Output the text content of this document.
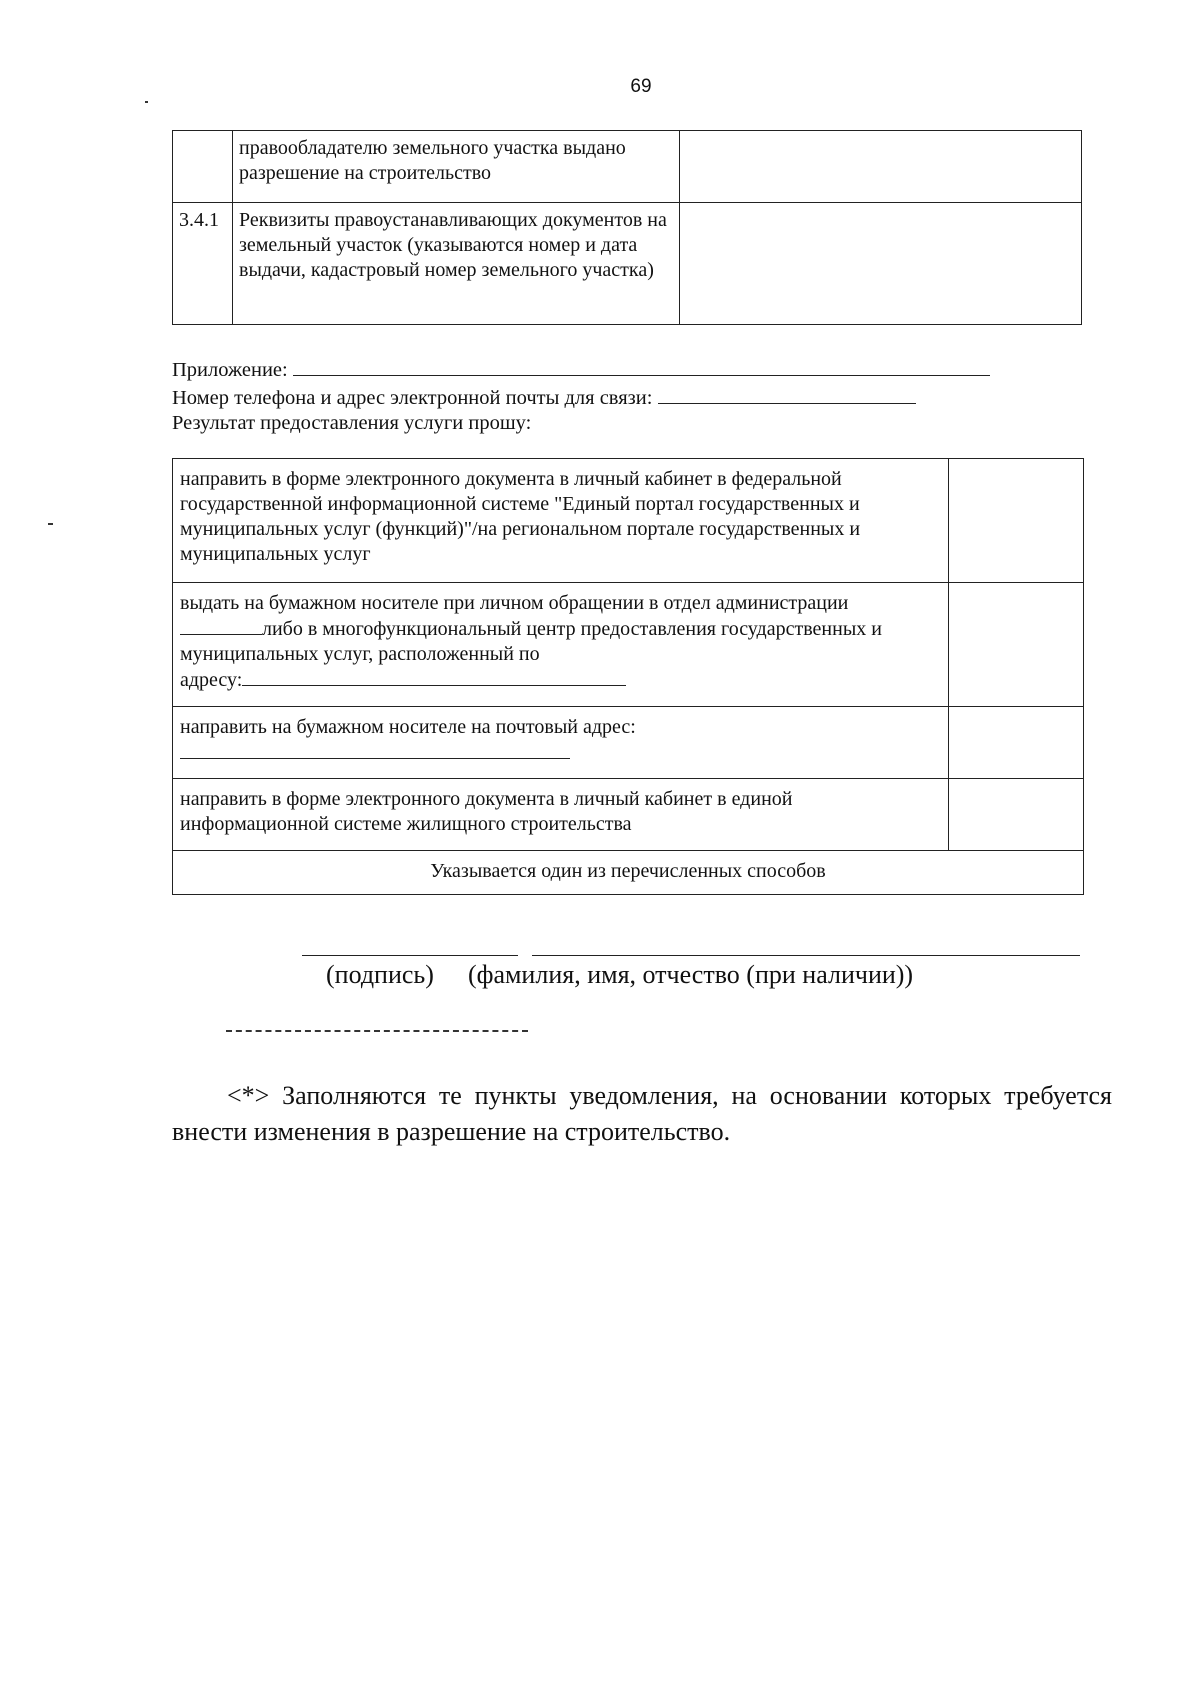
69
	правообладателю земельного участка выдано разрешение на строительство	
3.4.1	Реквизиты правоустанавливающих документов на земельный участок (указываются номер и дата выдачи, кадастровый номер земельного участка)	
Приложение:
Номер телефона и адрес электронной почты для связи:
Результат предоставления услуги прошу:
направить в форме электронного документа в личный кабинет в федеральной государственной информационной системе "Единый портал государственных и муниципальных услуг (функций)"/на региональном портале государственных и муниципальных услуг	
выдать на бумажном носителе при личном обращении в отдел администрации
либо в многофункциональный центр предоставления государственных и муниципальных услуг, расположенный по
адресу:	
направить на бумажном носителе на почтовый адрес:

направить в форме электронного документа в личный кабинет в единой информационной системе жилищного строительства	
Указывается один из перечисленных способов	
(подпись) (фамилия, имя, отчество (при наличии))
<*> Заполняются те пункты уведомления, на основании которых требуется внести изменения в разрешение на строительство.
